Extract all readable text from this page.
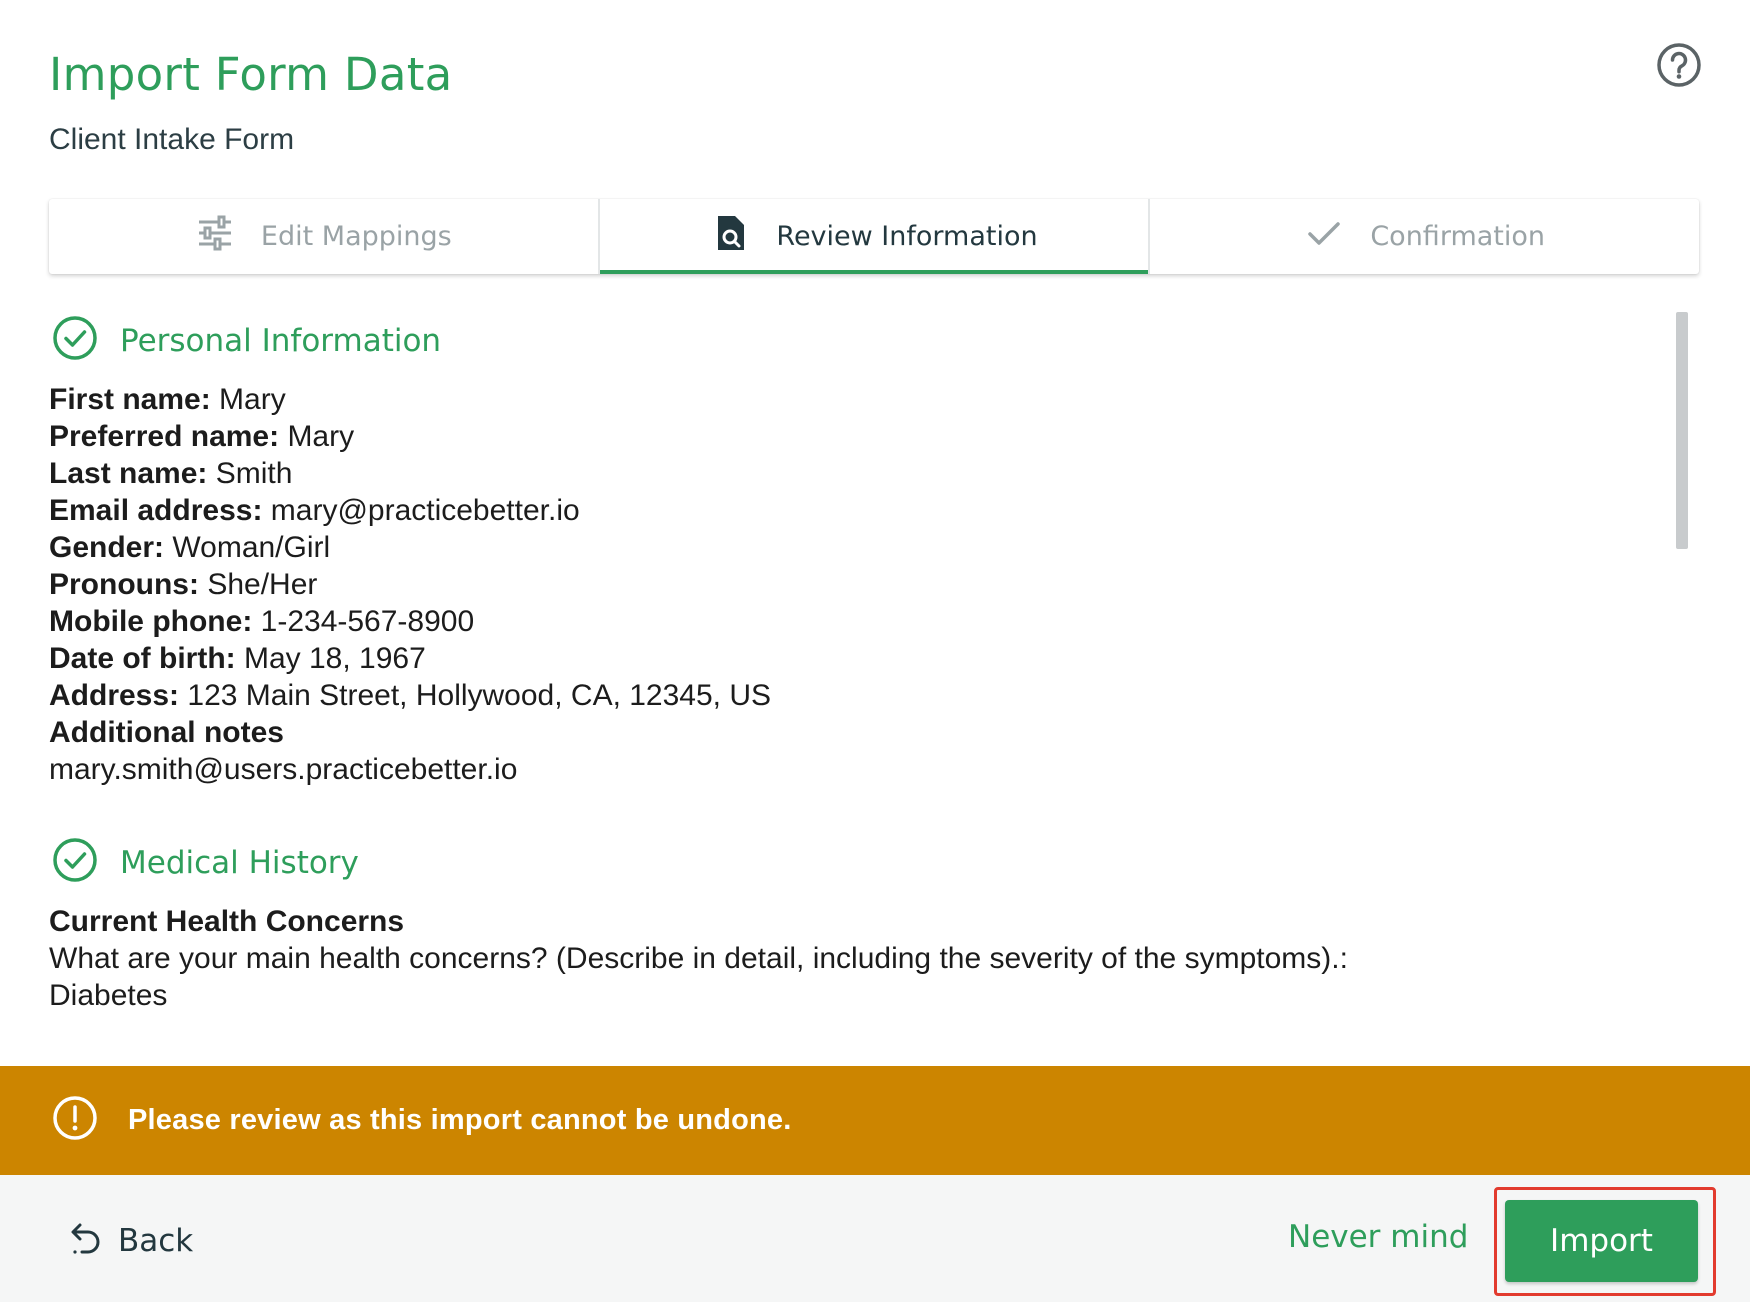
Import Form Data
Client Intake Form
Edit Mappings	Review Information	Confirmation
Personal Information
First name: Mary
Preferred name: Mary
Last name: Smith
Email address: mary@practicebetter.io
Gender: Woman/Girl
Pronouns: She/Her
Mobile phone: 1-234-567-8900
Date of birth: May 18, 1967
Address: 123 Main Street, Hollywood, CA, 12345, US
Additional notes
mary.smith@users.practicebetter.io
Medical History
Current Health Concerns
What are your main health concerns? (Describe in detail, including the severity of the symptoms).:
Diabetes
Please review as this import cannot be undone.
Back	Never mind	Import
